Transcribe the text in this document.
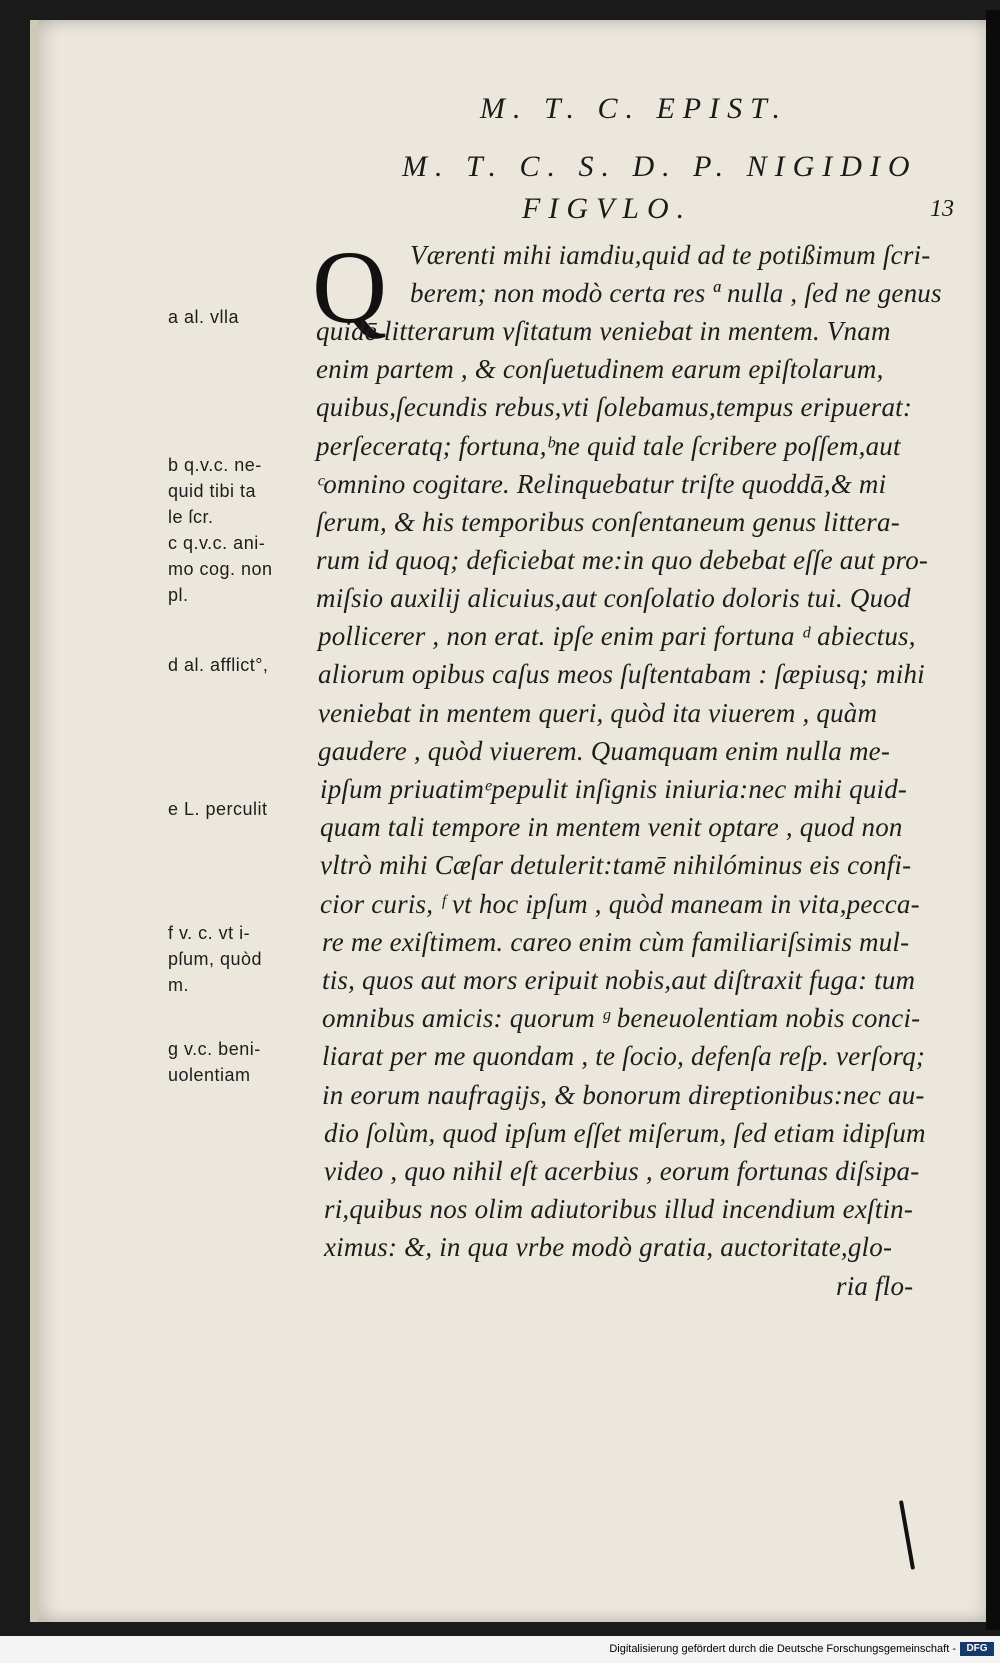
M. T. C. EPIST.
M. T. C. S. D. P. NIGIDIO
FIGVLO.	13
Q Værenti mihi iamdiu,quid ad te potißimum ſcri-
berem; non modò certa res ª nulla , ſed ne genus
quidē litterarum vſitatum veniebat in mentem. Vnam
enim partem , & conſuetudinem earum epiſtolarum,
quibus,ſecundis rebus,vti ſolebamus,tempus eripuerat:
perſeceratq; fortuna,ᵇne quid tale ſcribere poſſem,aut
ᶜomnino cogitare. Relinquebatur triſte quoddā,& mi
ſerum, & his temporibus conſentaneum genus littera-
rum id quoq; deficiebat me:in quo debebat eſſe aut pro-
miſsio auxilij alicuius,aut conſolatio doloris tui. Quod
pollicerer , non erat. ipſe enim pari fortuna ᵈ abiectus,
aliorum opibus caſus meos ſuſtentabam : ſæpiusq; mihi
veniebat in mentem queri, quòd ita viuerem , quàm
gaudere , quòd viuerem. Quamquam enim nulla me-
ipſum priuatimᵉpepulit inſignis iniuria:nec mihi quid-
quam tali tempore in mentem venit optare , quod non
vltrò mihi Cæſar detulerit:tamē nihilóminus eis confi-
cior curis, ᶠ vt hoc ipſum , quòd maneam in vita,pecca-
re me exiſtimem. careo enim cùm familiariſsimis mul-
tis, quos aut mors eripuit nobis,aut diſtraxit fuga: tum
omnibus amicis: quorum ᵍ beneuolentiam nobis conci-
liarat per me quondam , te ſocio, defenſa reſp. verſorq;
in eorum naufragijs, & bonorum direptionibus:nec au-
dio ſolùm, quod ipſum eſſet miſerum, ſed etiam idipſum
video , quo nihil eſt acerbius , eorum fortunas diſsipa-
ri,quibus nos olim adiutoribus illud incendium exſtin-
ximus: &, in qua vrbe modò gratia, auctoritate,glo-
ria flo-
a al. vlla
b q.v.c. ne-
quid tibi ta
le ſcr.
c q.v.c. ani-
mo cog. non
pl.
d al. afflict°,
e L. perculit
f v. c. vt i-
pſum, quòd
m.
g v.c. beni-
uolentiam
Digitalisierung gefördert durch die Deutsche Forschungsgemeinschaft -	DFG
